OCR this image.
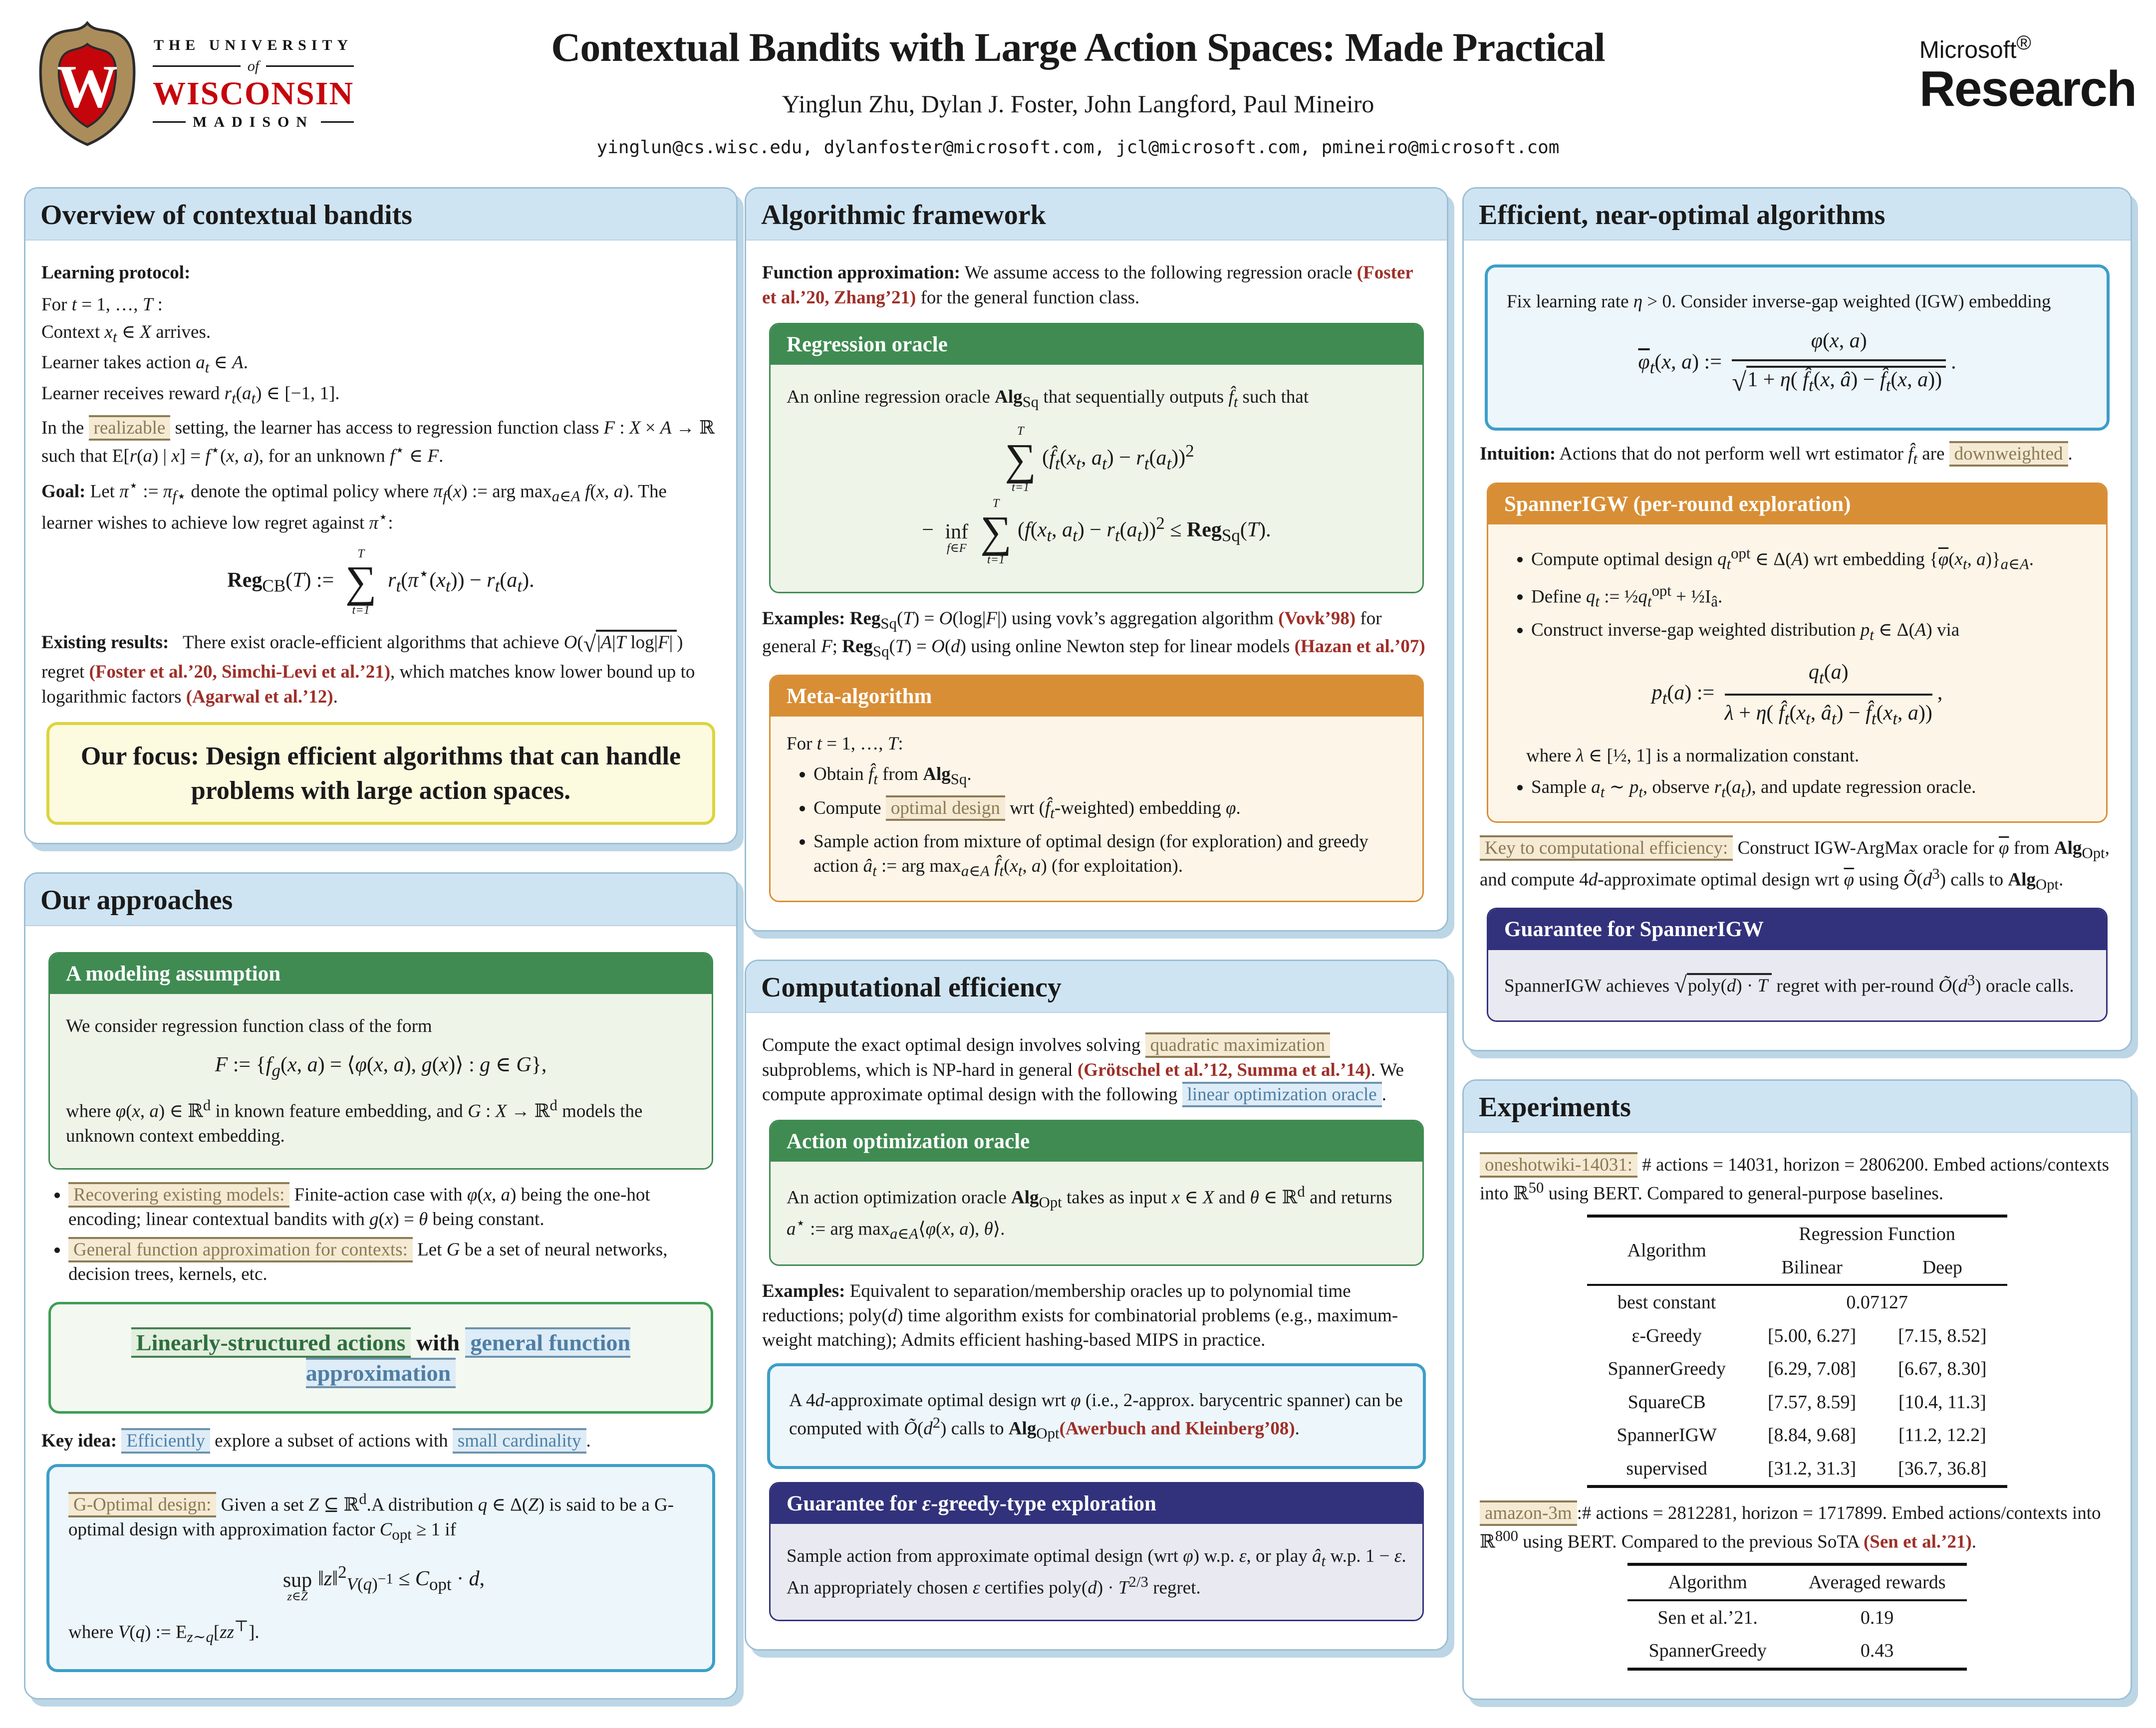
W
THE UNIVERSITY
of
WISCONSIN
MADISON
Contextual Bandits with Large Action Spaces: Made Practical
Yinglun Zhu, Dylan J. Foster, John Langford, Paul Mineiro
yinglun@cs.wisc.edu, dylanfoster@microsoft.com, jcl@microsoft.com, pmineiro@microsoft.com
Microsoft®
Research
Overview of contextual bandits

Learning protocol:

For t = 1, …, T :

Context $x_t$ ∈ X arrives.

Learner takes action $a_t$ ∈ A.

Learner receives reward $r_t(a_t)$ ∈ [−1, 1].

In the realizable setting, the learner has access to regression function class F : X × A → ℝ such that E[r(a) | x] = f⋆(x, a), for an unknown f⋆ ∈ F.

Goal: Let π⋆ := $\pi_{f⋆}$ denote the optimal policy where $\pi_f(x)$ := arg $\max_{a\in A} f(x$, a). The learner wishes to achieve low regret against π⋆:

Reg$_{CB}$(T) :=
T
∑
t=1
$r_t(\pi^⋆(x_t)) - r_t(a_t)$.

Existing results:   There exist oracle-efficient algorithms that achieve O(√|A|T log|F| ) regret (Foster et al.’20, Simchi-Levi et al.’21), which matches know lower bound up to logarithmic factors (Agarwal et al.’12).

Our focus: Design efficient algorithms that can handle problems with large action spaces.
Our approaches
A modeling assumption

We consider regression function class of the form

F := {$f_g(x$, a) = ⟨φ(x, a), g(x)⟩ : g ∈ G},

where φ(x, a) ∈ ℝ$^d$ in known feature embedding, and G : X → ℝ$^d$ models the unknown context embedding.

• Recovering existing models: Finite-action case with φ(x, a) being the one-hot encoding; linear contextual bandits with g(x) = θ being constant.
• General function approximation for contexts: Let G be a set of neural networks, decision trees, kernels, etc.
Linearly-structured actions with general function approximation

Key idea: Efficiently explore a subset of actions with small cardinality .

G-Optimal design: Given a set Z ⊆ ℝ$^d$.A distribution q ∈ Δ(Z) is said to be a G-optimal design with approximation factor $C_{opt} \ge 1$ if

sup
z∈Z
‖z‖$^2_{V(q)^{-1}}$ ≤ $C_{opt} \cdot d$,

where V(q) := $E_{z\sim q}[zz^⊤]$.

Algorithmic framework

Function approximation: We assume access to the following regression oracle (Foster et al.’20, Zhang’21) for the general function class.

Regression oracle

An online regression oracle Alg$_{Sq}$ that sequentially outputs $f̂_t$ such that

T
∑
t=1
($f̂_t(x_t$, $a_t) - r_t(a_t))^2$
−
inf
f∈F
T
∑
t=1
($f(x_t$, $a_t) - r_t(a_t))^2 \le Reg_{Sq}(T)$.

Examples: Reg$_{Sq}$(T) = O(log|F|) using vovk’s aggregation algorithm (Vovk’98) for general F; Reg$_{Sq}$(T) = O(d) using online Newton step for linear models (Hazan et al.’07)

Meta-algorithm

For t = 1, …, T:

• Obtain $f̂_t$ from Alg$_{Sq}$.
• Compute optimal design wrt $(f̂_t-weighted)$ embedding φ.
• Sample action from mixture of optimal design (for exploration) and greedy action $â_t$ := arg $\max_{a\in A}$ $f̂_t(x_t$, a) (for exploitation).
Computational efficiency

Compute the exact optimal design involves solving quadratic maximization subproblems, which is NP-hard in general (Grötschel et al.’12, Summa et al.’14). We compute approximate optimal design with the following linear optimization oracle .

Action optimization oracle

An action optimization oracle Alg$_{Opt}$ takes as input x ∈ X and θ ∈ ℝ$^d$ and returns a⋆ := arg $\max_{a\in A}⟨\varphi(x$, a), θ⟩.

Examples: Equivalent to separation/membership oracles up to polynomial time reductions; poly(d) time algorithm exists for combinatorial problems (e.g., maximum-weight matching); Admits efficient hashing-based MIPS in practice.

A 4d-approximate optimal design wrt φ (i.e., 2-approx. barycentric spanner) can be computed with $Õ(d^2)$ calls to Alg$_{Opt}$(Awerbuch and Kleinberg’08).

Guarantee for ε-greedy-type exploration

Sample action from approximate optimal design (wrt φ) w.p. ε, or play $â_t$ w.p. 1 − ε. An appropriately chosen ε certifies poly(d) · $T^{2/3}$ regret.

Efficient, near-optimal algorithms

Fix learning rate η > 0. Consider inverse-gap weighted (IGW) embedding

$\overline{\varphi}_t(x$, a) := $\frac{\varphi(x, a)}{√1 + \eta( f̂_t(x, â) - f̂_t(x, a))}$ .

Intuition: Actions that do not perform well wrt estimator $f̂_t$ are downweighted .

SpannerIGW (per-round exploration)
• Compute optimal design $q_t^{opt}$ ∈ Δ(A) wrt embedding {$\overline{\varphi}(x_t$, $a)\}_{a\in A}$.
• Define $q_t$ := $\frac{1}{2}q_t^{opt}$ + $\frac{1}{2}I_â$.
• Construct inverse-gap weighted distribution $p_t$ ∈ Δ(A) via
$p_t(a)$ := $\frac{q_t(a)}{\lambda + \eta( f̂_t(x_t, â_t) - f̂_t(x_t, a))}$ ,

where λ ∈ [½, 1] is a normalization constant.

• Sample $a_t$ ∼ $p_t$, observe $r_t(a_t)$, and update regression oracle.

Key to computational efficiency: Construct IGW-ArgMax oracle for $\overline{\varphi}$ from Alg$_{Opt}$, and compute 4d-approximate optimal design wrt $\overline{\varphi}$ using $Õ(d^3)$ calls to Alg$_{Opt}$.

Guarantee for SpannerIGW

SpannerIGW achieves √poly(d) · T regret with per-round $Õ(d^3)$ oracle calls.

Experiments

oneshotwiki-14031: # actions = 14031, horizon = 2806200. Embed actions/contexts into ℝ$^{50}$ using BERT. Compared to general-purpose baselines.

Algorithm	Regression Function	
	Bilinear	Deep
best constant	0.07127	
ε-Greedy	[5.00, 6.27]	[7.15, 8.52]
SpannerGreedy	[6.29, 7.08]	[6.67, 8.30]
SquareCB	[7.57, 8.59]	[10.4, 11.3]
SpannerIGW	[8.84, 9.68]	[11.2, 12.2]
supervised	[31.2, 31.3]	[36.7, 36.8]

amazon-3m :# actions = 2812281, horizon = 1717899. Embed actions/contexts into ℝ$^{800}$ using BERT. Compared to the previous SoTA (Sen et al.’21).

Algorithm	Averaged rewards
Sen et al.’21.	0.19
SpannerGreedy	0.43
